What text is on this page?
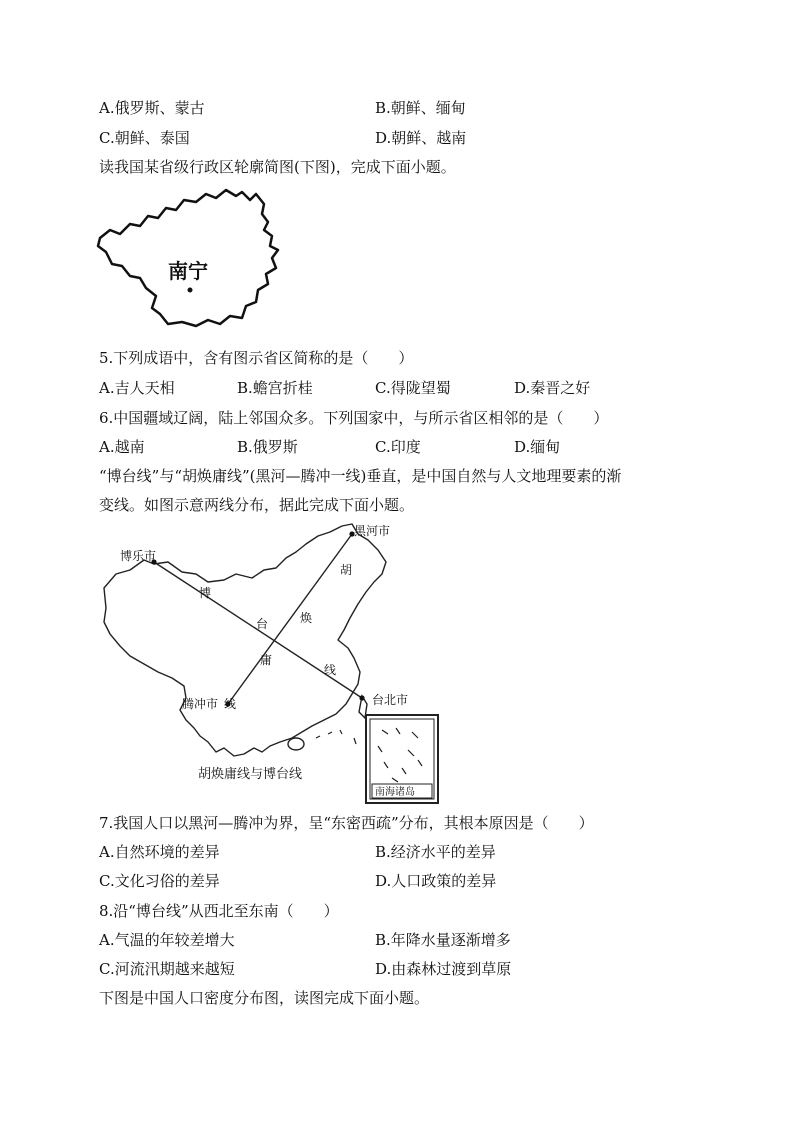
A.俄罗斯、蒙古	B.朝鲜、缅甸
C.朝鲜、泰国	D.朝鲜、越南
读我国某省级行政区轮廓简图(下图)，完成下面小题。
南宁
5.下列成语中，含有图示省区简称的是（　　）
A.吉人天相	B.蟾宫折桂	C.得陇望蜀	D.秦晋之好
6.中国疆域辽阔，陆上邻国众多。下列国家中，与所示省区相邻的是（　　）
A.越南	B.俄罗斯	C.印度	D.缅甸
“博台线”与“胡焕庸线”(黑河—腾冲一线)垂直，是中国自然与人文地理要素的渐
变线。如图示意两线分布，据此完成下面小题。
黑河市
博乐市
台北市
腾冲市
博
台
线
胡
焕
庸
线
胡焕庸线与博台线
南海诸岛
7.我国人口以黑河—腾冲为界，呈“东密西疏”分布，其根本原因是（　　）
A.自然环境的差异	B.经济水平的差异
C.文化习俗的差异	D.人口政策的差异
8.沿“博台线”从西北至东南（　　）
A.气温的年较差增大	B.年降水量逐渐增多
C.河流汛期越来越短	D.由森林过渡到草原
下图是中国人口密度分布图，读图完成下面小题。
